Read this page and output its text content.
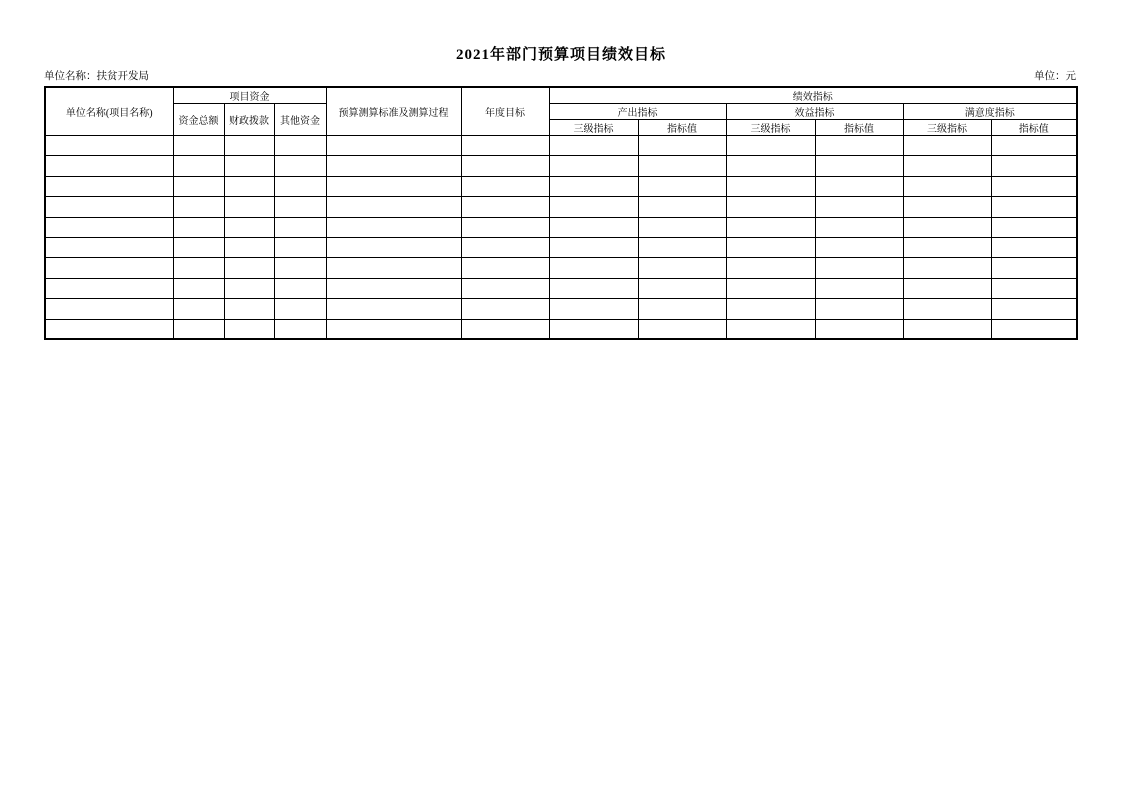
2021年部门预算项目绩效目标
单位名称：扶贫开发局	单位：元
单位名称(项目名称)	项目资金			预算测算标准及测算过程	年度目标	绩效指标					
	资金总额	财政拨款	其他资金			产出指标		效益指标		满意度指标	
						三级指标	指标值	三级指标	指标值	三级指标	指标值
